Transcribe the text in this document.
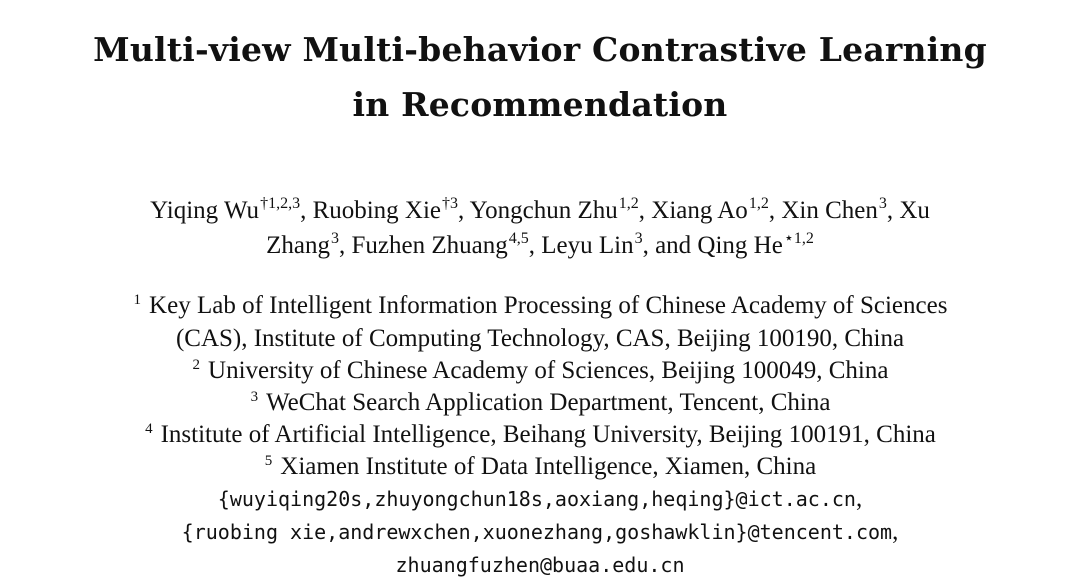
Multi-view Multi-behavior Contrastive Learning
in Recommendation
Yiqing Wu$^{\dagger 1,2,3}$, Ruobing Xie$^{\dagger 3}$, Yongchun Zhu$^{1,2}$, Xiang Ao$^{1,2}$, Xin Chen$^3$, Xu
Zhang$^3$, Fuzhen Zhuang$^{4,5}$, Leyu Lin$^3$, and Qing $He^{⋆1,2}$
$^1$ Key Lab of Intelligent Information Processing of Chinese Academy of Sciences
(CAS), Institute of Computing Technology, CAS, Beijing 100190, China
$^2$ University of Chinese Academy of Sciences, Beijing 100049, China
$^3$ WeChat Search Application Department, Tencent, China
$^4$ Institute of Artificial Intelligence, Beihang University, Beijing 100191, China
$^5$ Xiamen Institute of Data Intelligence, Xiamen, China
{wuyiqing20s,zhuyongchun18s,aoxiang,heqing}@ict.ac.cn,
{ruobing xie,andrewxchen,xuonezhang,goshawklin}@tencent.com,
zhuangfuzhen@buaa.edu.cn
